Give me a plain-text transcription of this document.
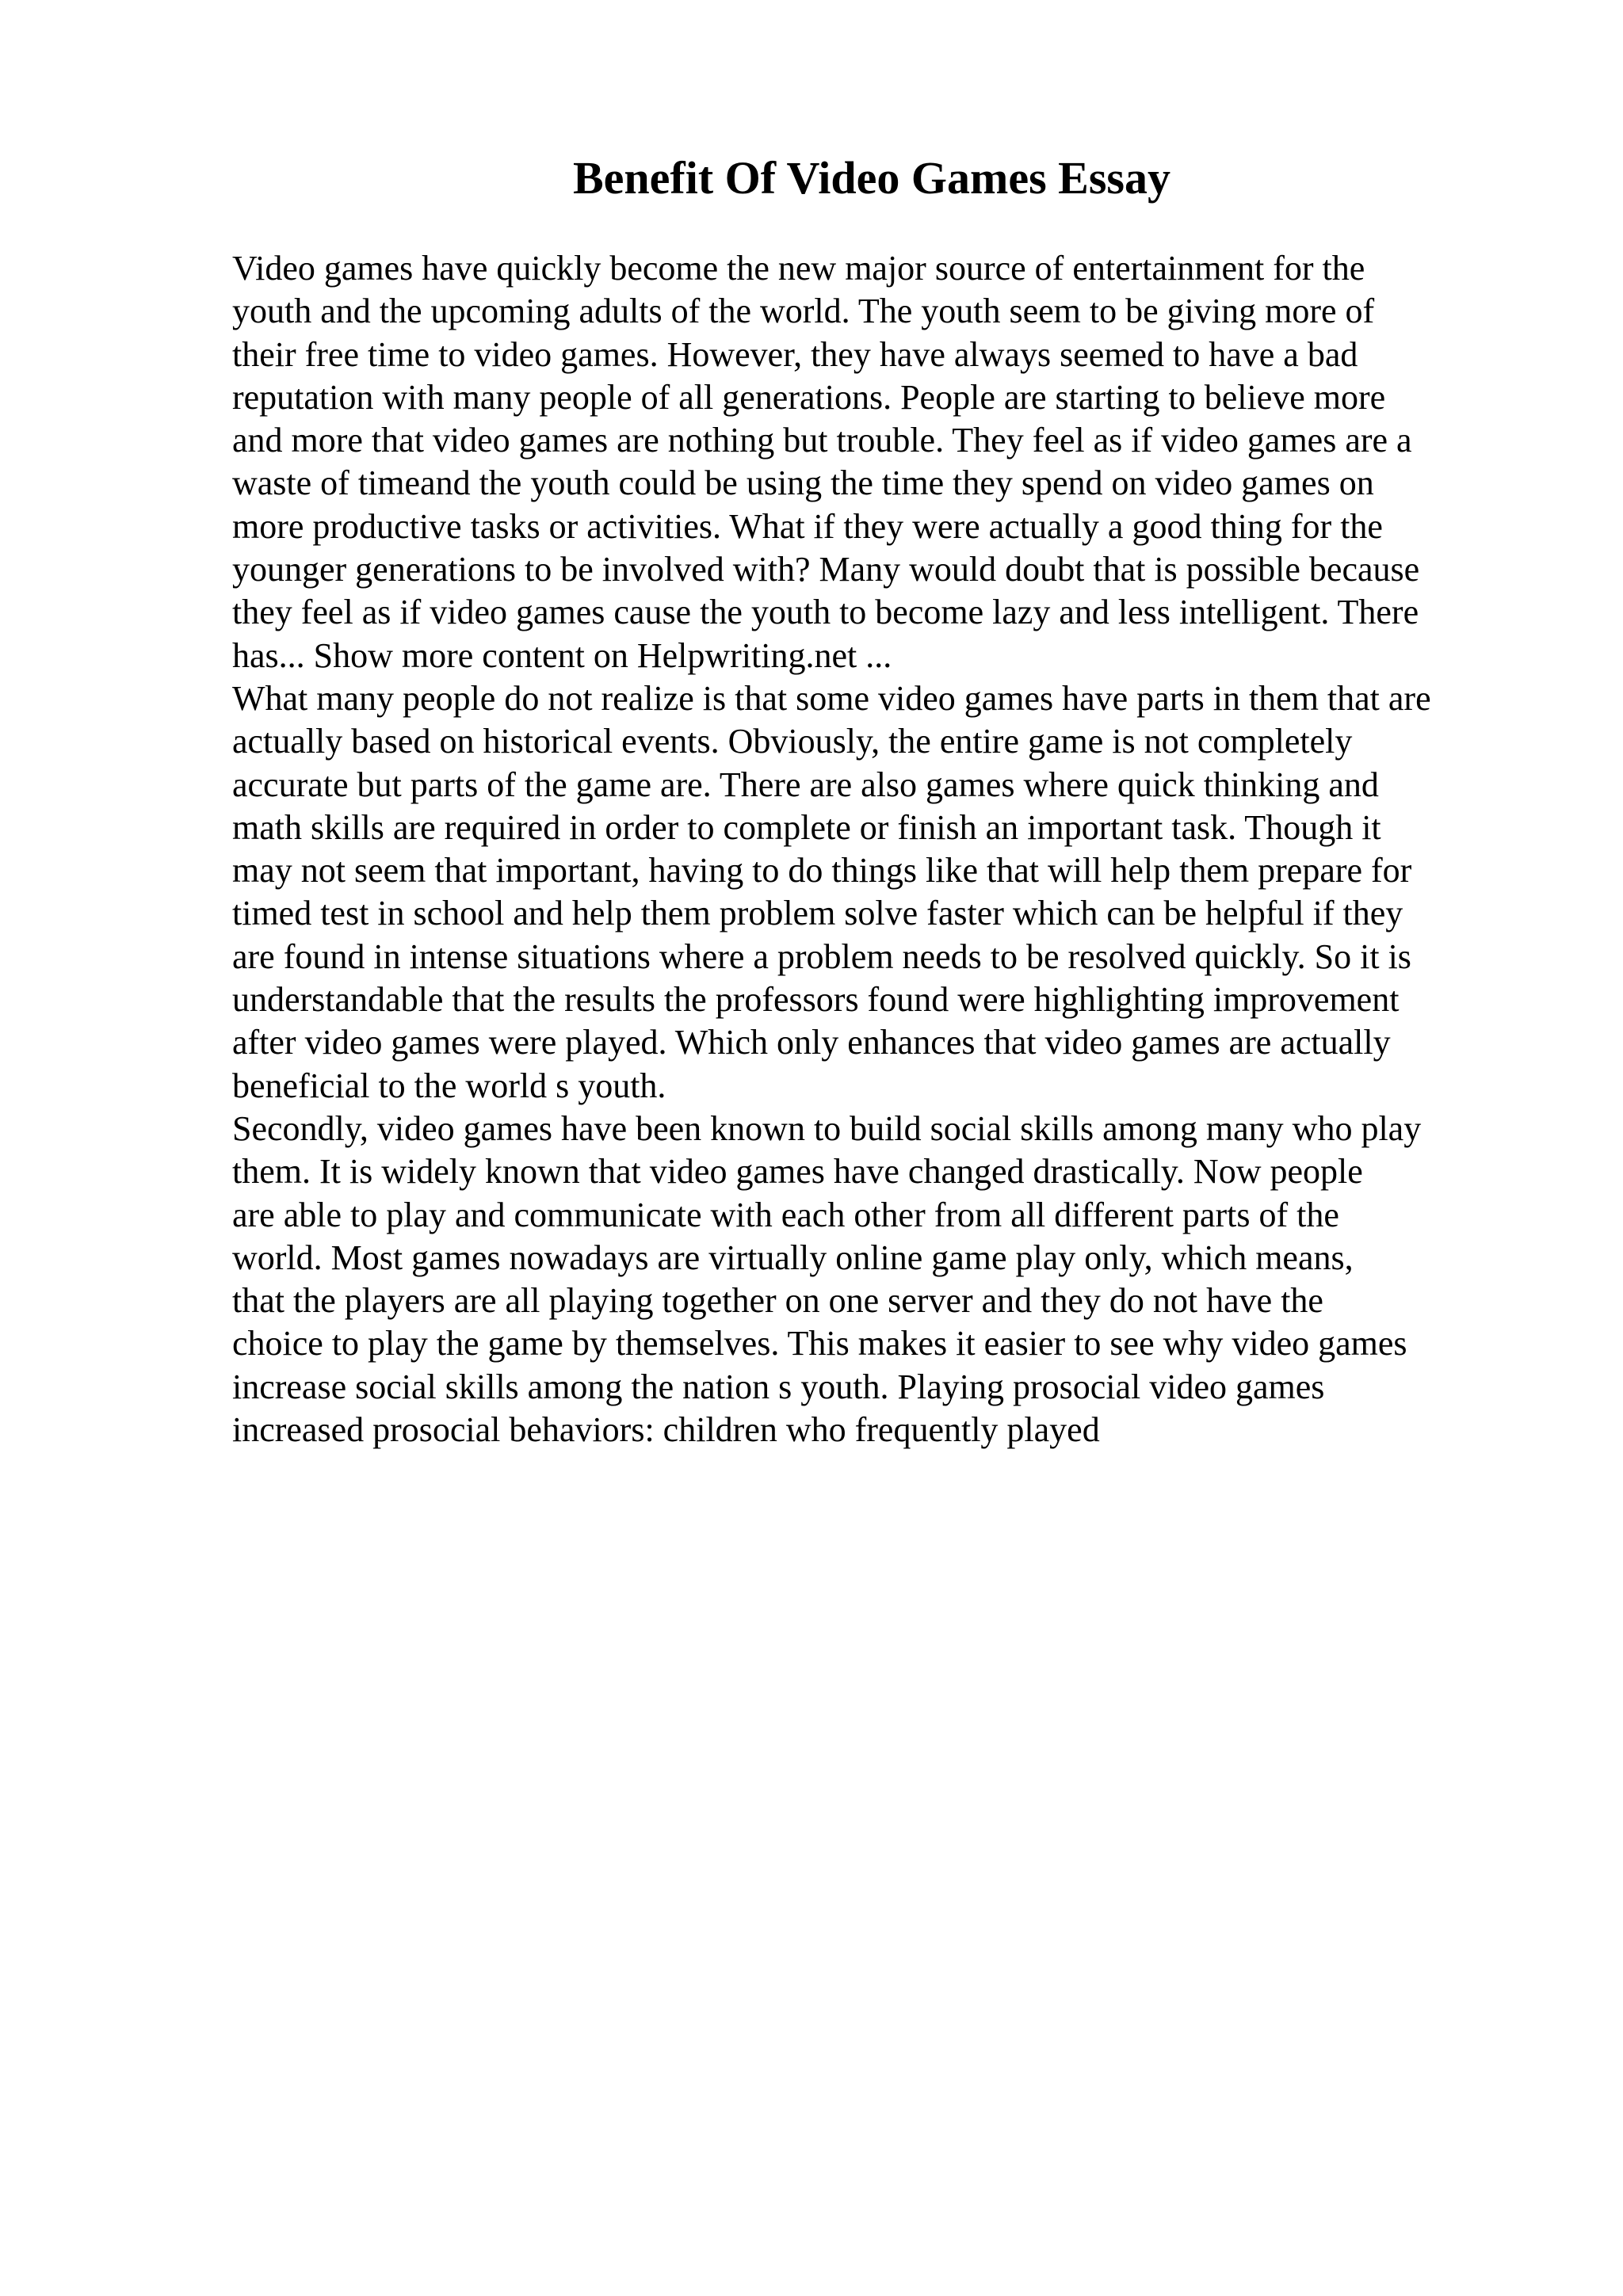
Benefit Of Video Games Essay
Video games have quickly become the new major source of entertainment for the
youth and the upcoming adults of the world. The youth seem to be giving more of
their free time to video games. However, they have always seemed to have a bad
reputation with many people of all generations. People are starting to believe more
and more that video games are nothing but trouble. They feel as if video games are a
waste of timeand the youth could be using the time they spend on video games on
more productive tasks or activities. What if they were actually a good thing for the
younger generations to be involved with? Many would doubt that is possible because
they feel as if video games cause the youth to become lazy and less intelligent. There
has... Show more content on Helpwriting.net ...
What many people do not realize is that some video games have parts in them that are
actually based on historical events. Obviously, the entire game is not completely
accurate but parts of the game are. There are also games where quick thinking and
math skills are required in order to complete or finish an important task. Though it
may not seem that important, having to do things like that will help them prepare for
timed test in school and help them problem solve faster which can be helpful if they
are found in intense situations where a problem needs to be resolved quickly. So it is
understandable that the results the professors found were highlighting improvement
after video games were played. Which only enhances that video games are actually
beneficial to the world s youth.
Secondly, video games have been known to build social skills among many who play
them. It is widely known that video games have changed drastically. Now people
are able to play and communicate with each other from all different parts of the
world. Most games nowadays are virtually online game play only, which means,
that the players are all playing together on one server and they do not have the
choice to play the game by themselves. This makes it easier to see why video games
increase social skills among the nation s youth. Playing prosocial video games
increased prosocial behaviors: children who frequently played
